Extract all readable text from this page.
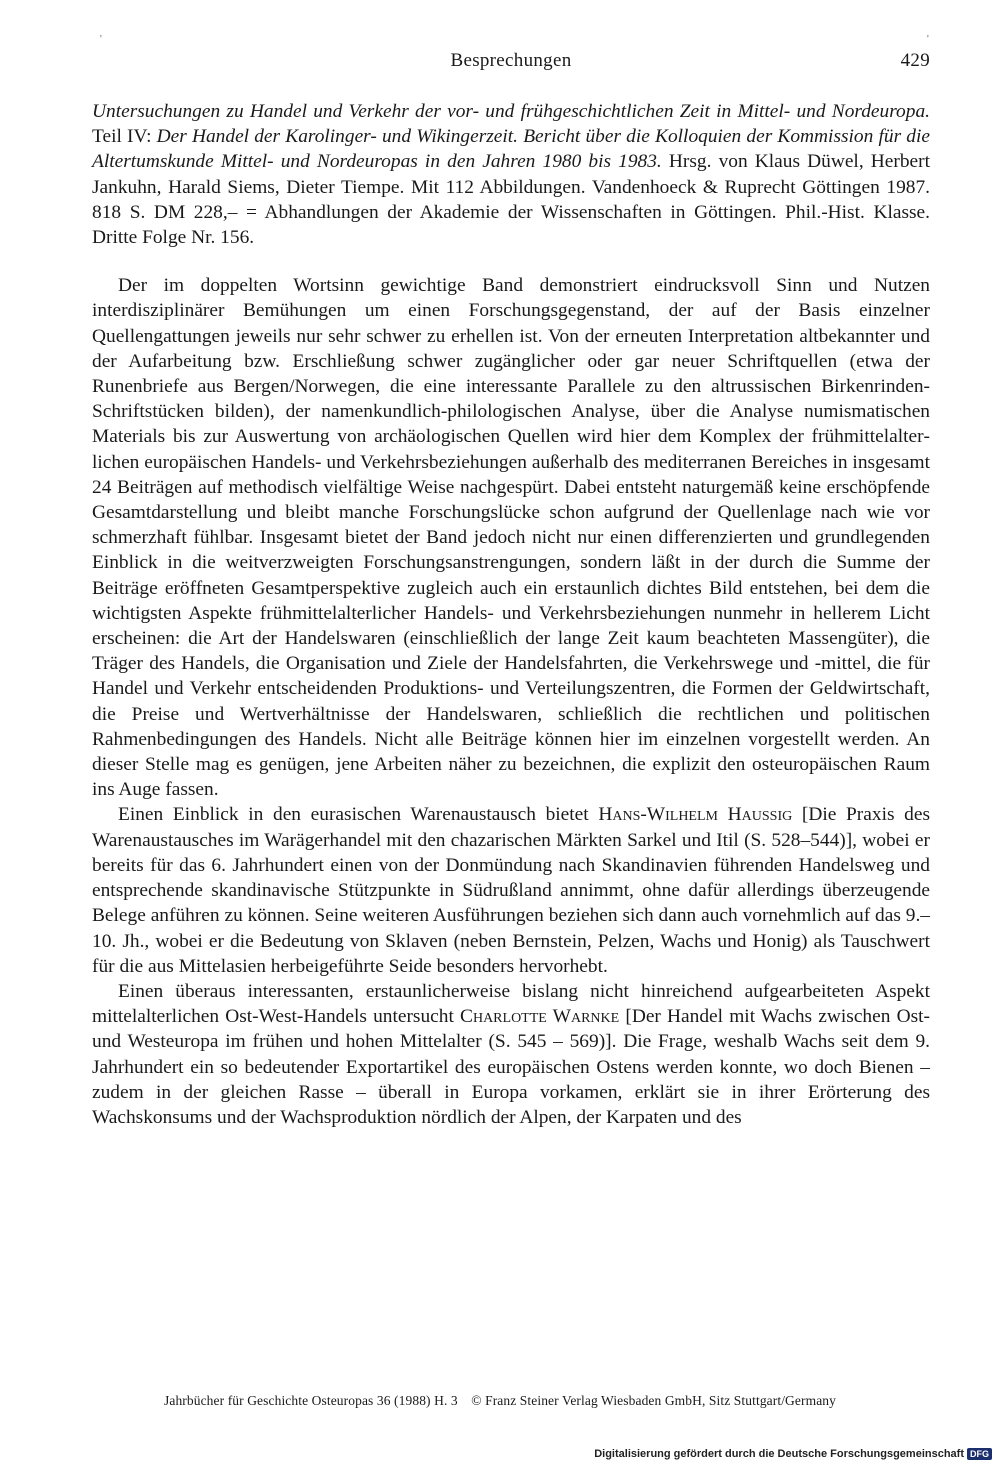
'	'
Besprechungen	429

Untersuchungen zu Handel und Verkehr der vor- und frühgeschichtlichen Zeit in Mittel- und Nordeuropa. Teil IV: Der Handel der Karolinger- und Wikingerzeit. Bericht über die Kolloquien der Kommission für die Altertumskunde Mittel- und Nordeuropas in den Jahren 1980 bis 1983. Hrsg. von Klaus Düwel, Herbert Jankuhn, Harald Siems, Dieter Tiempe. Mit 112 Abbildungen. Vandenhoeck & Ruprecht Göttingen 1987. 818 S. DM 228,– = Abhandlungen der Akademie der Wissenschaften in Göttingen. Phil.-Hist. Klasse. Dritte Folge Nr. 156.

Der im doppelten Wortsinn gewichtige Band demonstriert eindrucksvoll Sinn und Nutzen interdisziplinärer Bemühungen um einen Forschungsgegenstand, der auf der Basis einzelner Quellengattungen jeweils nur sehr schwer zu erhellen ist. Von der erneuten Interpretation altbekannter und der Aufarbeitung bzw. Erschließung schwer zugänglicher oder gar neuer Schriftquellen (etwa der Runenbriefe aus Bergen/Norwegen, die eine interessante Parallele zu den altrussischen Birkenrinden-Schriftstücken bilden), der namenkundlich-philologischen Analyse, über die Analyse numismatischen Materials bis zur Auswertung von archäologischen Quellen wird hier dem Komplex der frühmittelalterlichen europäischen Handels- und Verkehrsbeziehungen außerhalb des mediterranen Bereiches in insgesamt 24 Beiträgen auf methodisch vielfältige Weise nachgespürt. Dabei entsteht naturgemäß keine erschöpfende Gesamtdarstellung und bleibt manche Forschungslücke schon aufgrund der Quellenlage nach wie vor schmerzhaft fühlbar. Insgesamt bietet der Band jedoch nicht nur einen differenzierten und grundlegenden Einblick in die weitverzweigten Forschungsanstrengungen, sondern läßt in der durch die Summe der Beiträge eröffneten Gesamtperspektive zugleich auch ein erstaunlich dichtes Bild entstehen, bei dem die wichtigsten Aspekte frühmittelalterlicher Handels- und Verkehrsbeziehungen nunmehr in hellerem Licht erscheinen: die Art der Handelswaren (einschließlich der lange Zeit kaum beachteten Massengüter), die Träger des Handels, die Organisation und Ziele der Handelsfahrten, die Verkehrswege und -mittel, die für Handel und Verkehr entscheidenden Produktions- und Verteilungszentren, die Formen der Geldwirtschaft, die Preise und Wertverhältnisse der Handelswaren, schließlich die rechtlichen und politischen Rahmenbedingungen des Handels. Nicht alle Beiträge können hier im einzelnen vorgestellt werden. An dieser Stelle mag es genügen, jene Arbeiten näher zu bezeichnen, die explizit den osteuropäischen Raum ins Auge fassen.

Einen Einblick in den eurasischen Warenaustausch bietet Hans-Wilhelm Haussig [Die Praxis des Warenaustausches im Warägerhandel mit den chazarischen Märkten Sarkel und Itil (S. 528–544)], wobei er bereits für das 6. Jahrhundert einen von der Donmündung nach Skandinavien führenden Handelsweg und entsprechende skandinavische Stützpunkte in Südrußland annimmt, ohne dafür allerdings überzeugende Belege anführen zu können. Seine weiteren Ausführungen beziehen sich dann auch vornehmlich auf das 9.–10. Jh., wobei er die Bedeutung von Sklaven (neben Bernstein, Pelzen, Wachs und Honig) als Tauschwert für die aus Mittelasien herbeigeführte Seide besonders hervorhebt.

Einen überaus interessanten, erstaunlicherweise bislang nicht hinreichend aufgearbeiteten Aspekt mittelalterlichen Ost-West-Handels untersucht Charlotte Warnke [Der Handel mit Wachs zwischen Ost- und Westeuropa im frühen und hohen Mittelalter (S. 545 – 569)]. Die Frage, weshalb Wachs seit dem 9. Jahrhundert ein so bedeutender Exportartikel des europäischen Ostens werden konnte, wo doch Bienen – zudem in der gleichen Rasse – überall in Europa vorkamen, erklärt sie in ihrer Erörterung des Wachskonsums und der Wachsproduktion nördlich der Alpen, der Karpaten und des

Jahrbücher für Geschichte Osteuropas 36 (1988) H. 3 © Franz Steiner Verlag Wiesbaden GmbH, Sitz Stuttgart/Germany
Digitalisierung gefördert durch die Deutsche Forschungsgemeinschaft DFG
